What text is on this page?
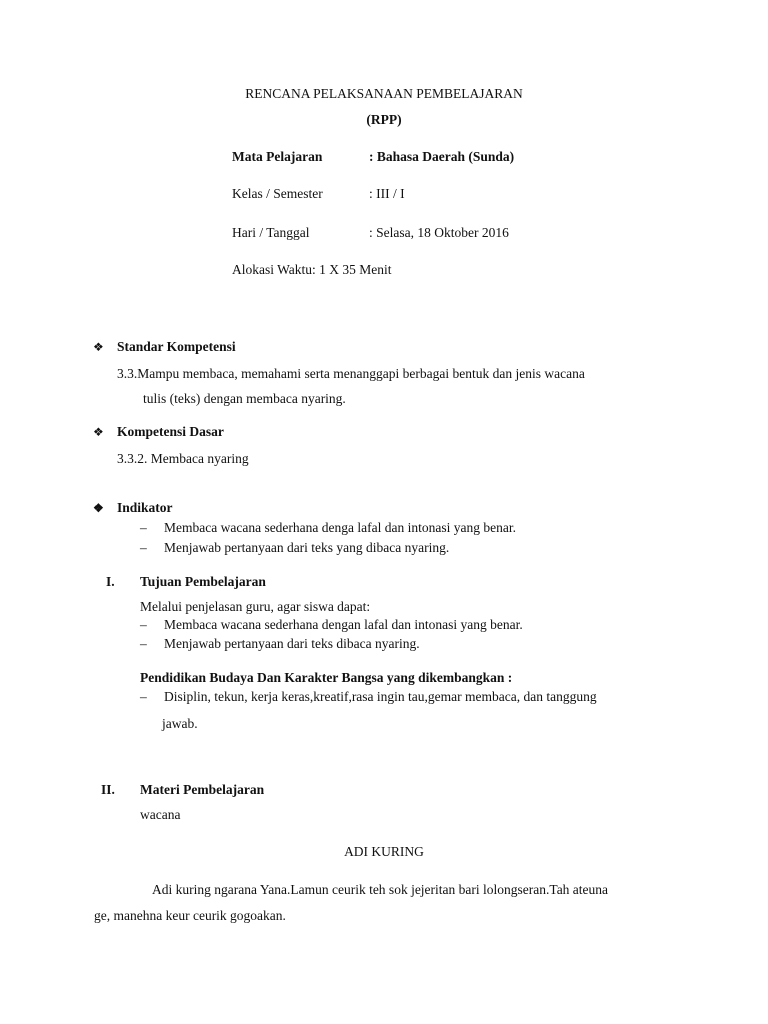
RENCANA PELAKSANAAN PEMBELAJARAN
(RPP)
Mata Pelajaran	: Bahasa Daerah (Sunda)
Kelas / Semester	: III / I
Hari / Tanggal	: Selasa, 18 Oktober 2016
Alokasi Waktu: 1 X 35 Menit
❖ Standar Kompetensi
3.3.Mampu membaca, memahami serta menanggapi berbagai bentuk dan jenis wacana
tulis (teks) dengan membaca nyaring.
❖ Kompetensi Dasar
3.3.2. Membaca nyaring
❖ Indikator
– Membaca wacana sederhana denga lafal dan intonasi yang benar.
– Menjawab pertanyaan dari teks yang dibaca nyaring.
I. Tujuan Pembelajaran
Melalui penjelasan guru, agar siswa dapat:
– Membaca wacana sederhana dengan lafal dan intonasi yang benar.
– Menjawab pertanyaan dari teks dibaca nyaring.
Pendidikan Budaya Dan Karakter Bangsa yang dikembangkan :
– Disiplin, tekun, kerja keras,kreatif,rasa ingin tau,gemar membaca, dan tanggung
jawab.
II. Materi Pembelajaran
wacana
ADI KURING
Adi kuring ngarana Yana.Lamun ceurik teh sok jejeritan bari lolongseran.Tah ateuna
ge, manehna keur ceurik gogoakan.
